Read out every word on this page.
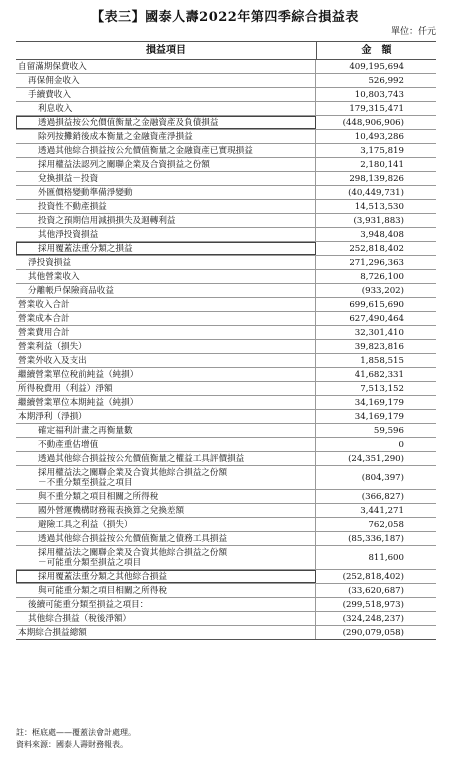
【表三】國泰人壽2022年第四季綜合損益表
單位：仟元
損益項目	金　額
自留滿期保費收入	409,195,694
再保佣金收入	526,992
手續費收入	10,803,743
利息收入	179,315,471
透過損益按公允價值衡量之金融資產及負債損益	(448,906,906)
除列按攤銷後成本衡量之金融資產淨損益	10,493,286
透過其他綜合損益按公允價值衡量之金融資產已實現損益	3,175,819
採用權益法認列之關聯企業及合資損益之份額	2,180,141
兌換損益－投資	298,139,826
外匯價格變動準備淨變動	(40,449,731)
投資性不動產損益	14,513,530
投資之預期信用減損損失及迴轉利益	(3,931,883)
其他淨投資損益	3,948,408
採用覆蓋法重分類之損益	252,818,402
淨投資損益	271,296,363
其他營業收入	8,726,100
分離帳戶保險商品收益	(933,202)
營業收入合計	699,615,690
營業成本合計	627,490,464
營業費用合計	32,301,410
營業利益（損失）	39,823,816
營業外收入及支出	1,858,515
繼續營業單位稅前純益（純損）	41,682,331
所得稅費用（利益）淨額	7,513,152
繼續營業單位本期純益（純損）	34,169,179
本期淨利（淨損）	34,169,179
確定福利計畫之再衡量數	59,596
不動產重估增值	0
透過其他綜合損益按公允價值衡量之權益工具評價損益	(24,351,290)
採用權益法之關聯企業及合資其他綜合損益之份額
－不重分類至損益之項目
(804,397)
與不重分類之項目相關之所得稅	(366,827)
國外營運機構財務報表換算之兌換差額	3,441,271
避險工具之利益（損失）	762,058
透過其他綜合損益按公允價值衡量之債務工具損益	(85,336,187)
採用權益法之關聯企業及合資其他綜合損益之份額
－可能重分類至損益之項目
811,600
採用覆蓋法重分類之其他綜合損益	(252,818,402)
與可能重分類之項目相關之所得稅	(33,620,687)
後續可能重分類至損益之項目：	(299,518,973)
其他綜合損益（稅後淨額）	(324,248,237)
本期綜合損益總額	(290,079,058)
註：框底處——覆蓋法會計處理。
資料來源：國泰人壽財務報表。
